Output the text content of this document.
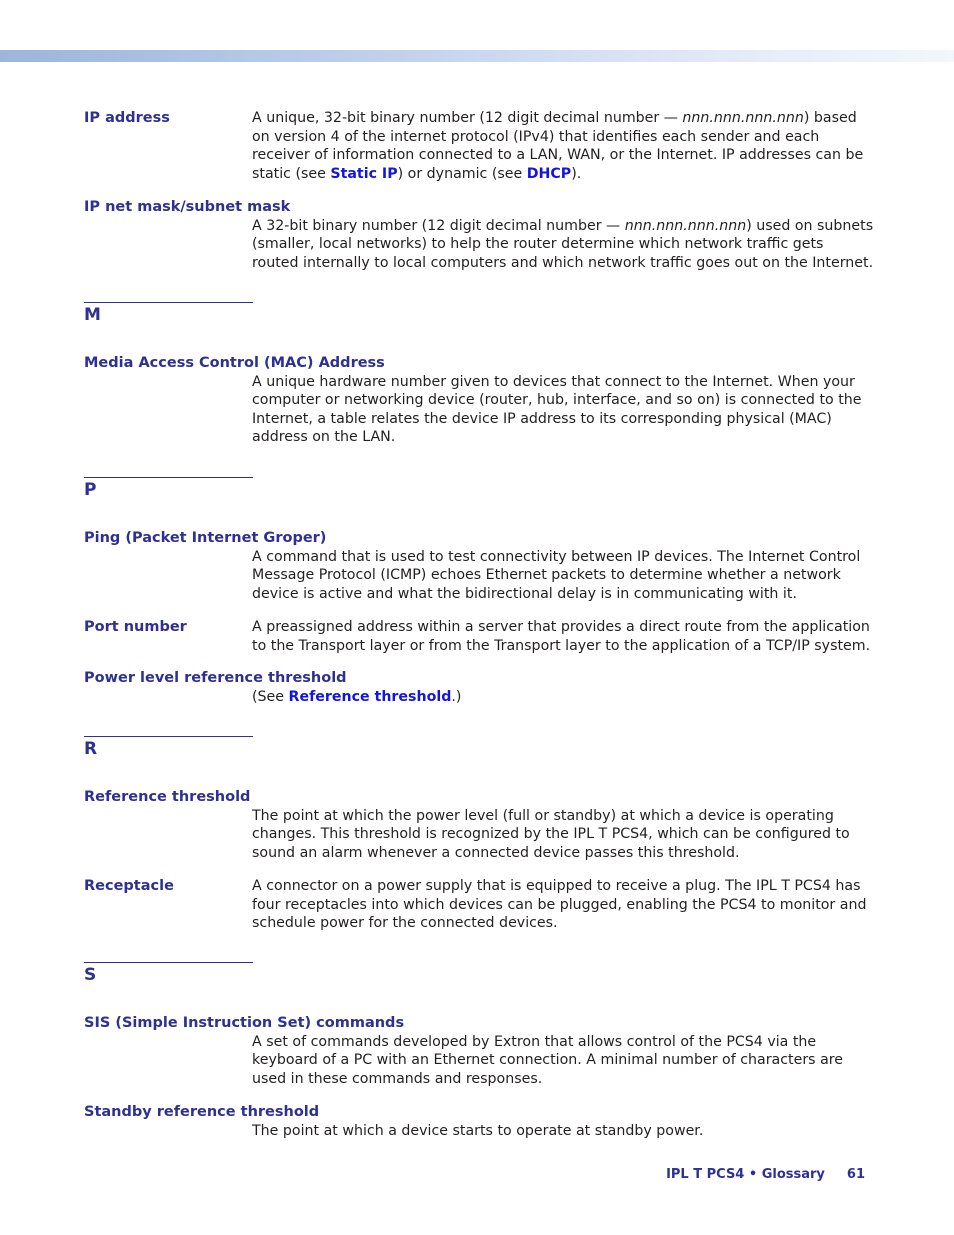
IP address	A unique, 32-bit binary number (12 digit decimal number — nnn.nnn.nnn.nnn) based on version 4 of the internet protocol (IPv4) that identifies each sender and each receiver of information connected to a LAN, WAN, or the Internet. IP addresses can be static (see Static IP) or dynamic (see DHCP).
IP net mask/subnet mask
A 32-bit binary number (12 digit decimal number — nnn.nnn.nnn.nnn) used on subnets (smaller, local networks) to help the router determine which network traffic gets routed internally to local computers and which network traffic goes out on the Internet.
M
Media Access Control (MAC) Address
A unique hardware number given to devices that connect to the Internet. When your computer or networking device (router, hub, interface, and so on) is connected to the Internet, a table relates the device IP address to its corresponding physical (MAC) address on the LAN.
P
Ping (Packet Internet Groper)
A command that is used to test connectivity between IP devices. The Internet Control Message Protocol (ICMP) echoes Ethernet packets to determine whether a network device is active and what the bidirectional delay is in communicating with it.
Port number	A preassigned address within a server that provides a direct route from the application to the Transport layer or from the Transport layer to the application of a TCP/IP system.
Power level reference threshold
(See Reference threshold.)
R
Reference threshold
The point at which the power level (full or standby) at which a device is operating changes. This threshold is recognized by the IPL T PCS4, which can be configured to sound an alarm whenever a connected device passes this threshold.
Receptacle	A connector on a power supply that is equipped to receive a plug. The IPL T PCS4 has four receptacles into which devices can be plugged, enabling the PCS4 to monitor and schedule power for the connected devices.
S
SIS (Simple Instruction Set) commands
A set of commands developed by Extron that allows control of the PCS4 via the keyboard of a PC with an Ethernet connection. A minimal number of characters are used in these commands and responses.
Standby reference threshold
The point at which a device starts to operate at standby power.
IPL T PCS4 • Glossary 61
